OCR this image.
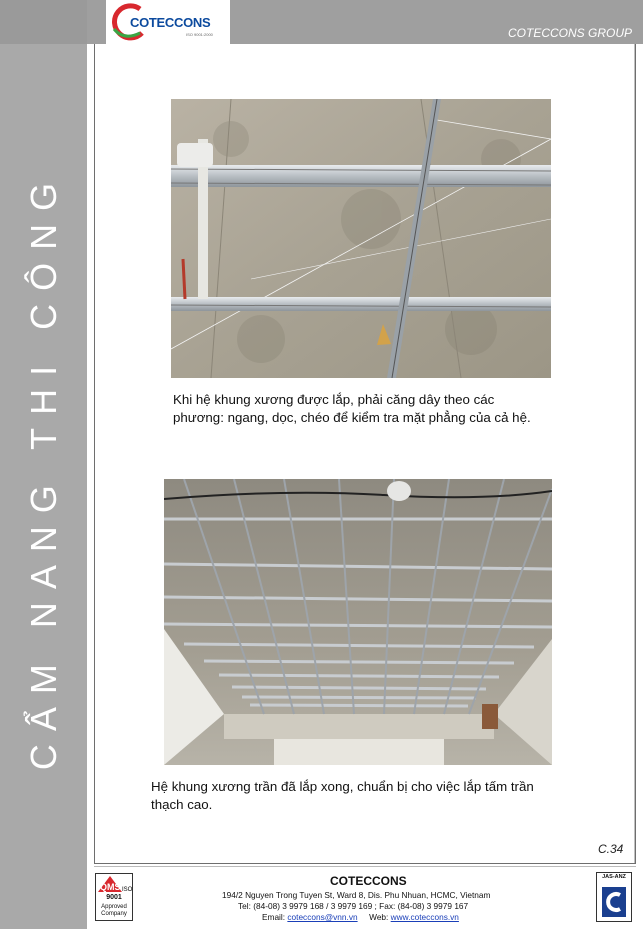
CẨM NANG THI CÔNG
COTECCONS
ISO 9001:2000	COTECCONS GROUP
Khi hệ khung xương được lắp, phải căng dây theo các phương: ngang, dọc, chéo để kiểm tra mặt phẳng của cả hệ.
Hệ khung xương trần đã lắp xong, chuẩn bị cho việc lắp tấm trần thạch cao.
C.34
QMS ISO
9001
Approved
Company
COTECCONS
194/2 Nguyen Trong Tuyen St, Ward 8, Dis. Phu Nhuan, HCMC, Vietnam
Tel: (84-08) 3 9979 168 / 3 9979 169 ; Fax: (84-08) 3 9979 167
Email: coteccons@vnn.vn Web: www.coteccons.vn
JAS-ANZ
